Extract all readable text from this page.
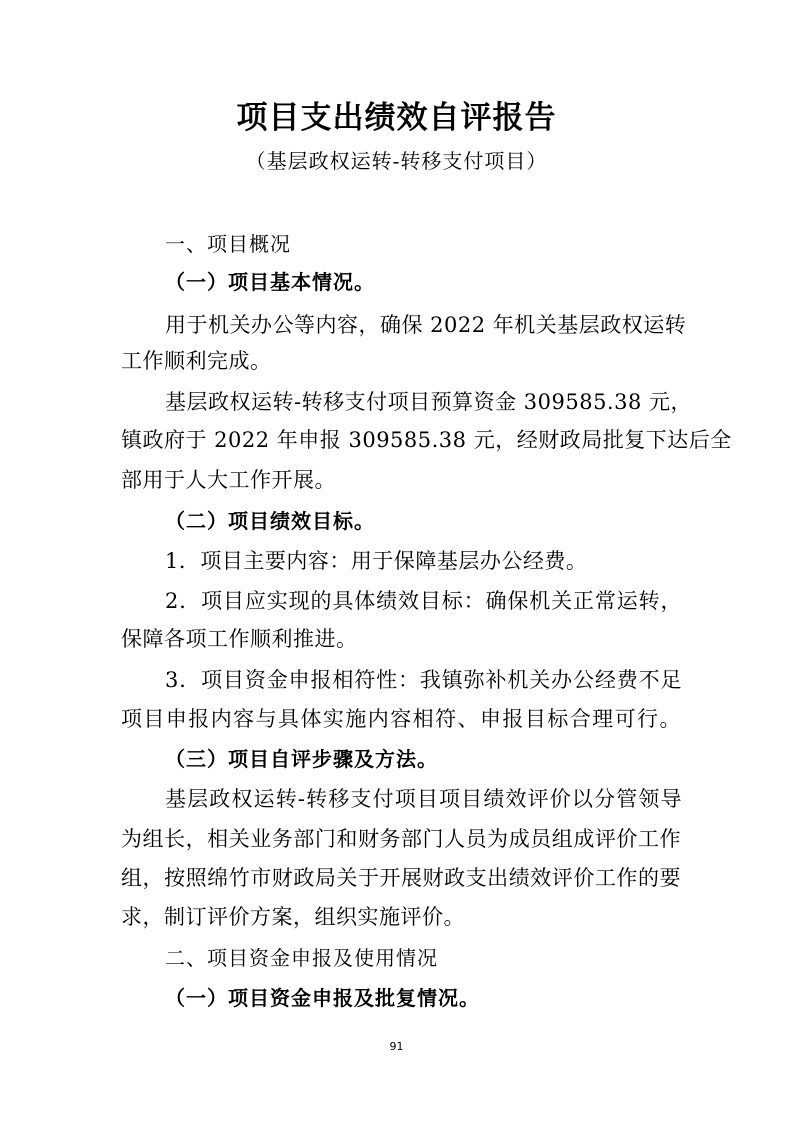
项目支出绩效自评报告
（基层政权运转-转移支付项目）
一、项目概况
（一）项目基本情况。
用于机关办公等内容，确保 2022 年机关基层政权运转
工作顺利完成。
基层政权运转-转移支付项目预算资金 309585.38 元，
镇政府于 2022 年申报 309585.38 元，经财政局批复下达后全
部用于人大工作开展。
（二）项目绩效目标。
1．项目主要内容：用于保障基层办公经费。
2．项目应实现的具体绩效目标：确保机关正常运转，
保障各项工作顺利推进。
3．项目资金申报相符性：我镇弥补机关办公经费不足
项目申报内容与具体实施内容相符、申报目标合理可行。
（三）项目自评步骤及方法。
基层政权运转-转移支付项目项目绩效评价以分管领导
为组长，相关业务部门和财务部门人员为成员组成评价工作
组，按照绵竹市财政局关于开展财政支出绩效评价工作的要
求，制订评价方案，组织实施评价。
二、项目资金申报及使用情况
（一）项目资金申报及批复情况。
91
